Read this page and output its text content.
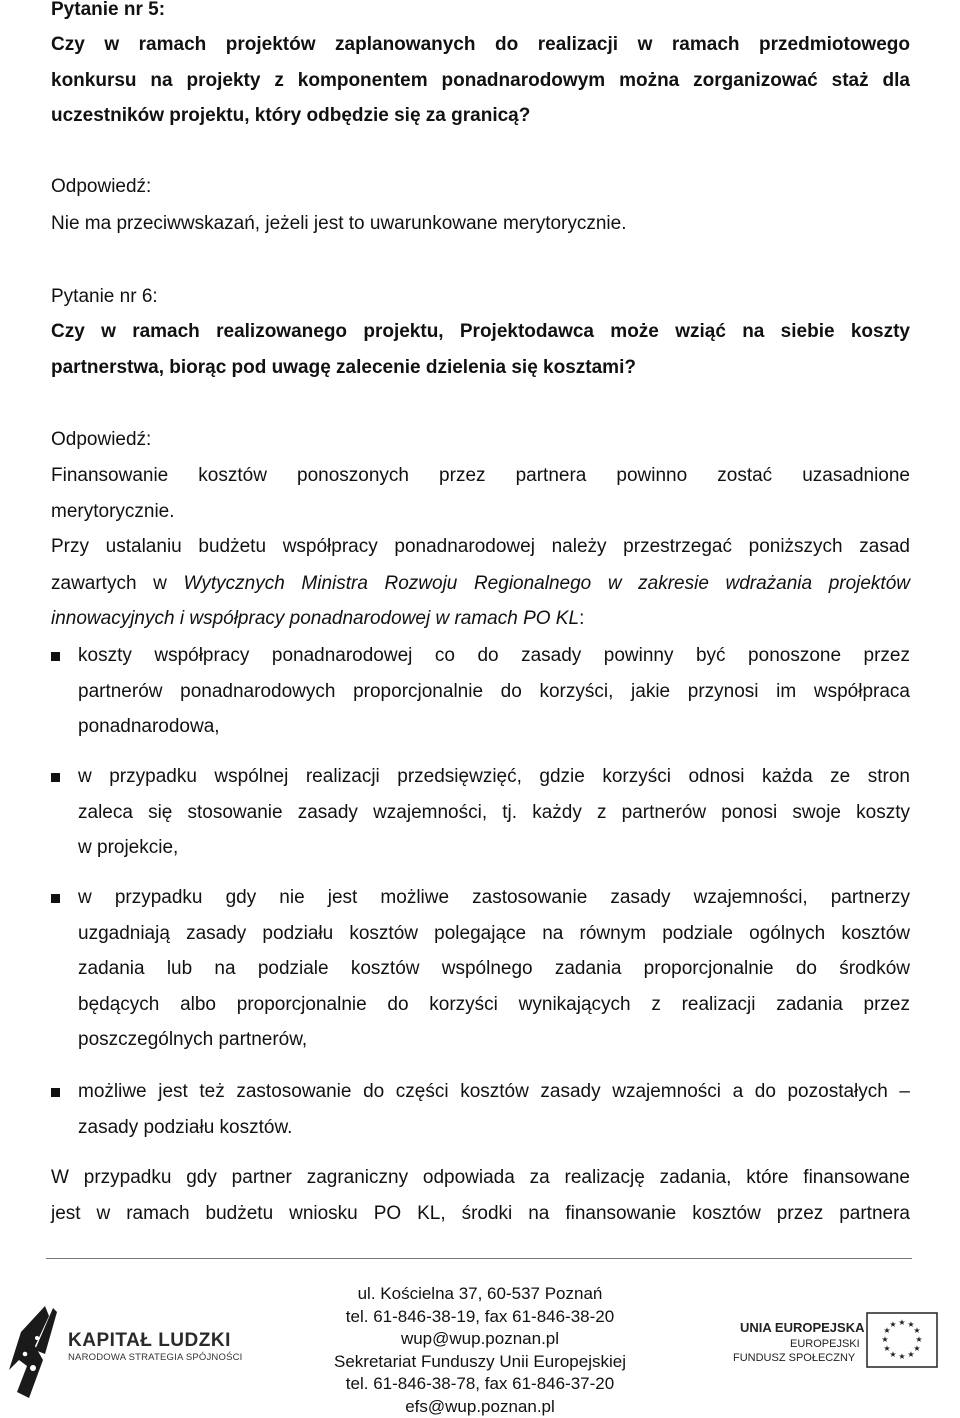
Pytanie nr 5:
Czy w ramach projektów zaplanowanych do realizacji w ramach przedmiotowego
konkursu na projekty z komponentem ponadnarodowym można zorganizować staż dla
uczestników projektu, który odbędzie się za granicą?
Odpowiedź:
Nie ma przeciwwskazań, jeżeli jest to uwarunkowane merytorycznie.
Pytanie nr 6:
Czy w ramach realizowanego projektu, Projektodawca może wziąć na siebie koszty
partnerstwa, biorąc pod uwagę zalecenie dzielenia się kosztami?
Odpowiedź:
Finansowanie kosztów ponoszonych przez partnera powinno zostać uzasadnione
merytorycznie.
Przy ustalaniu budżetu współpracy ponadnarodowej należy przestrzegać poniższych zasad
zawartych w Wytycznych Ministra Rozwoju Regionalnego w zakresie wdrażania projektów
innowacyjnych i współpracy ponadnarodowej w ramach PO KL:
koszty współpracy ponadnarodowej co do zasady powinny być ponoszone przez
partnerów ponadnarodowych proporcjonalnie do korzyści, jakie przynosi im współpraca
ponadnarodowa,
w przypadku wspólnej realizacji przedsięwzięć, gdzie korzyści odnosi każda ze stron
zaleca się stosowanie zasady wzajemności, tj. każdy z partnerów ponosi swoje koszty
w projekcie,
w przypadku gdy nie jest możliwe zastosowanie zasady wzajemności, partnerzy
uzgadniają zasady podziału kosztów polegające na równym podziale ogólnych kosztów
zadania lub na podziale kosztów wspólnego zadania proporcjonalnie do środków
będących albo proporcjonalnie do korzyści wynikających z realizacji zadania przez
poszczególnych partnerów,
możliwe jest też zastosowanie do części kosztów zasady wzajemności a do pozostałych –
zasady podziału kosztów.
W przypadku gdy partner zagraniczny odpowiada za realizację zadania, które finansowane
jest w ramach budżetu wniosku PO KL, środki na finansowanie kosztów przez partnera
KAPITAŁ LUDZKI
NARODOWA STRATEGIA SPÓJNOŚCI
ul. Kościelna 37, 60-537 Poznań
tel. 61-846-38-19, fax 61-846-38-20
wup@wup.poznan.pl
Sekretariat Funduszy Unii Europejskiej
tel. 61-846-38-78, fax 61-846-37-20
efs@wup.poznan.pl
UNIA EUROPEJSKA
EUROPEJSKI
FUNDUSZ SPOŁECZNY
★ ★
★
★
★
★
★
★
★
★
★
★
